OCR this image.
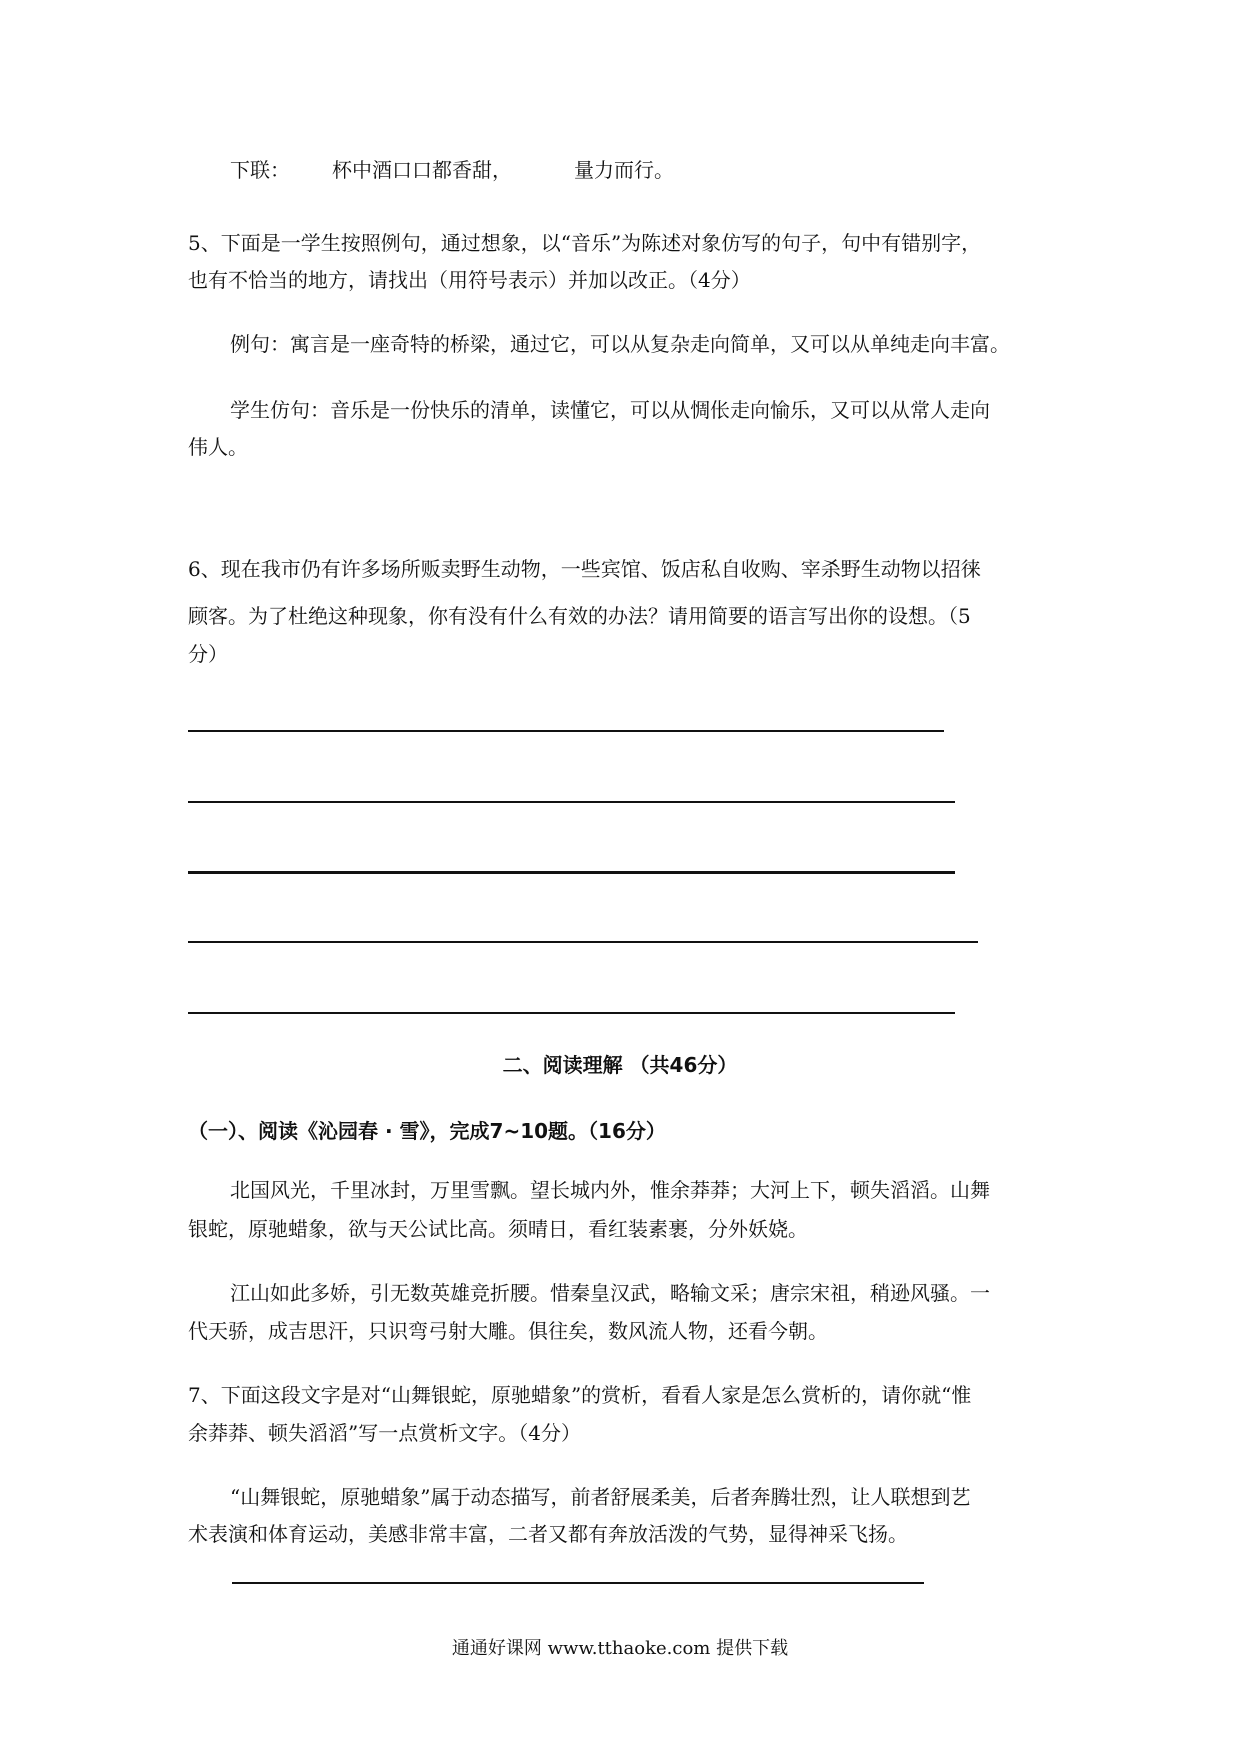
下联： 杯中酒口口都香甜，	量力而行。
5、下面是一学生按照例句，通过想象，以“音乐”为陈述对象仿写的句子，句中有错别字，
也有不恰当的地方，请找出（用符号表示）并加以改正。（4分）
例句：寓言是一座奇特的桥梁，通过它，可以从复杂走向简单，又可以从单纯走向丰富。
学生仿句：音乐是一份快乐的清单，读懂它，可以从惆伥走向愉乐，又可以从常人走向
伟人。
6、现在我市仍有许多场所贩卖野生动物，一些宾馆、饭店私自收购、宰杀野生动物以招徕
顾客。为了杜绝这种现象，你有没有什么有效的办法？请用简要的语言写出你的设想。（5
分）
二、阅读理解 （共46分）
（一）、阅读《沁园春 · 雪》，完成7~10题。（16分）
北国风光，千里冰封，万里雪飘。望长城内外，惟余莽莽；大河上下，顿失滔滔。山舞
银蛇，原驰蜡象，欲与天公试比高。须晴日，看红装素裹，分外妖娆。
江山如此多娇，引无数英雄竞折腰。惜秦皇汉武，略输文采；唐宗宋祖，稍逊风骚。一
代天骄，成吉思汗，只识弯弓射大雕。俱往矣，数风流人物，还看今朝。
7、下面这段文字是对“山舞银蛇，原驰蜡象”的赏析，看看人家是怎么赏析的，请你就“惟
余莽莽、顿失滔滔”写一点赏析文字。（4分）
“山舞银蛇，原驰蜡象”属于动态描写，前者舒展柔美，后者奔腾壮烈，让人联想到艺
术表演和体育运动，美感非常丰富，二者又都有奔放活泼的气势，显得神采飞扬。
通通好课网 www.tthaoke.com 提供下载
